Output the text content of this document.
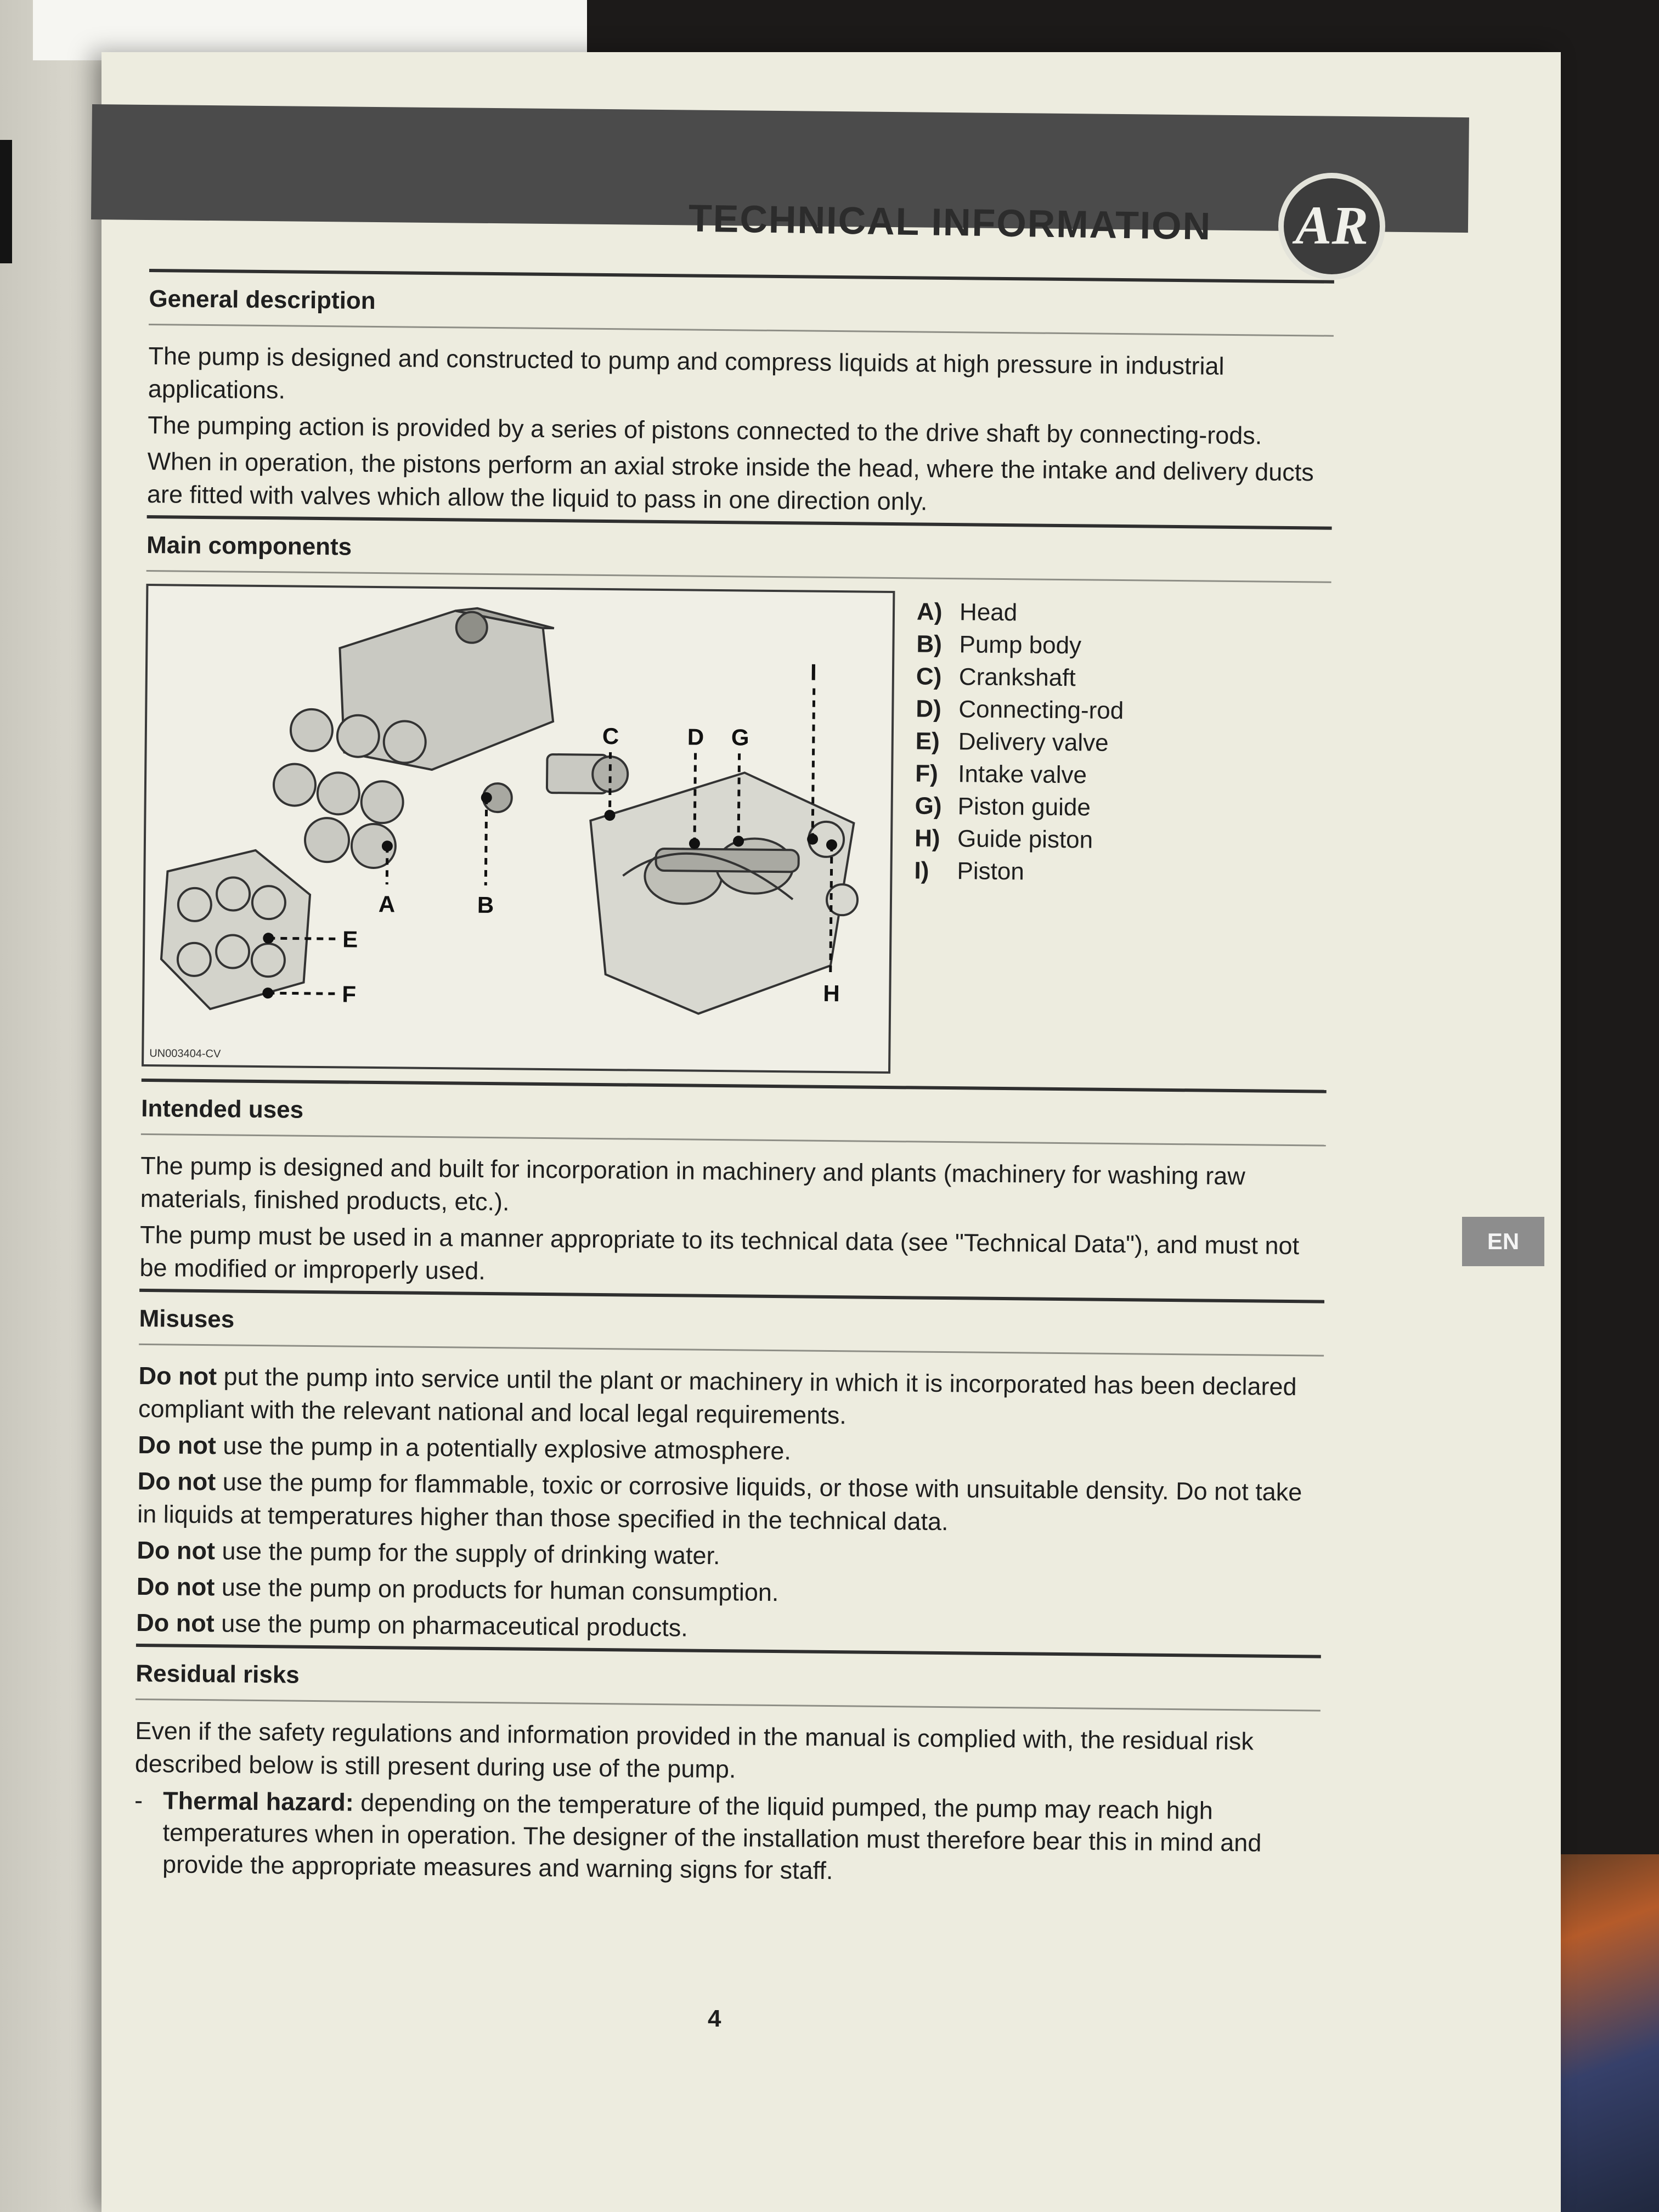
TECHNICAL INFORMATION	AR
General description

The pump is designed and constructed to pump and compress liquids at high pressure in industrial applications.

The pumping action is provided by a series of pistons connected to the drive shaft by connecting-rods.

When in operation, the pistons perform an axial stroke inside the head, where the intake and delivery ducts are fitted with valves which allow the liquid to pass in one direction only.

Main components
A	B
C	D
E
F
G
H
I
UN003404-CV
A) Head
B) Pump body
C) Crankshaft
D) Connecting-rod
E) Delivery valve
F) Intake valve
G) Piston guide
H) Guide piston
I) Piston
Intended uses

The pump is designed and built for incorporation in machinery and plants (machinery for washing raw materials, finished products, etc.).

The pump must be used in a manner appropriate to its technical data (see "Technical Data"), and must not be modified or improperly used.

Misuses

Do not put the pump into service until the plant or machinery in which it is incorporated has been declared compliant with the relevant national and local legal requirements.

Do not use the pump in a potentially explosive atmosphere.

Do not use the pump for flammable, toxic or corrosive liquids, or those with unsuitable density. Do not take in liquids at temperatures higher than those specified in the technical data.

Do not use the pump for the supply of drinking water.

Do not use the pump on products for human consumption.

Do not use the pump on pharmaceutical products.

Residual risks

Even if the safety regulations and information provided in the manual is complied with, the residual risk described below is still present during use of the pump.

- Thermal hazard: depending on the temperature of the liquid pumped, the pump may reach high temperatures when in operation. The designer of the installation must therefore bear this in mind and provide the appropriate measures and warning signs for staff.
4
EN
